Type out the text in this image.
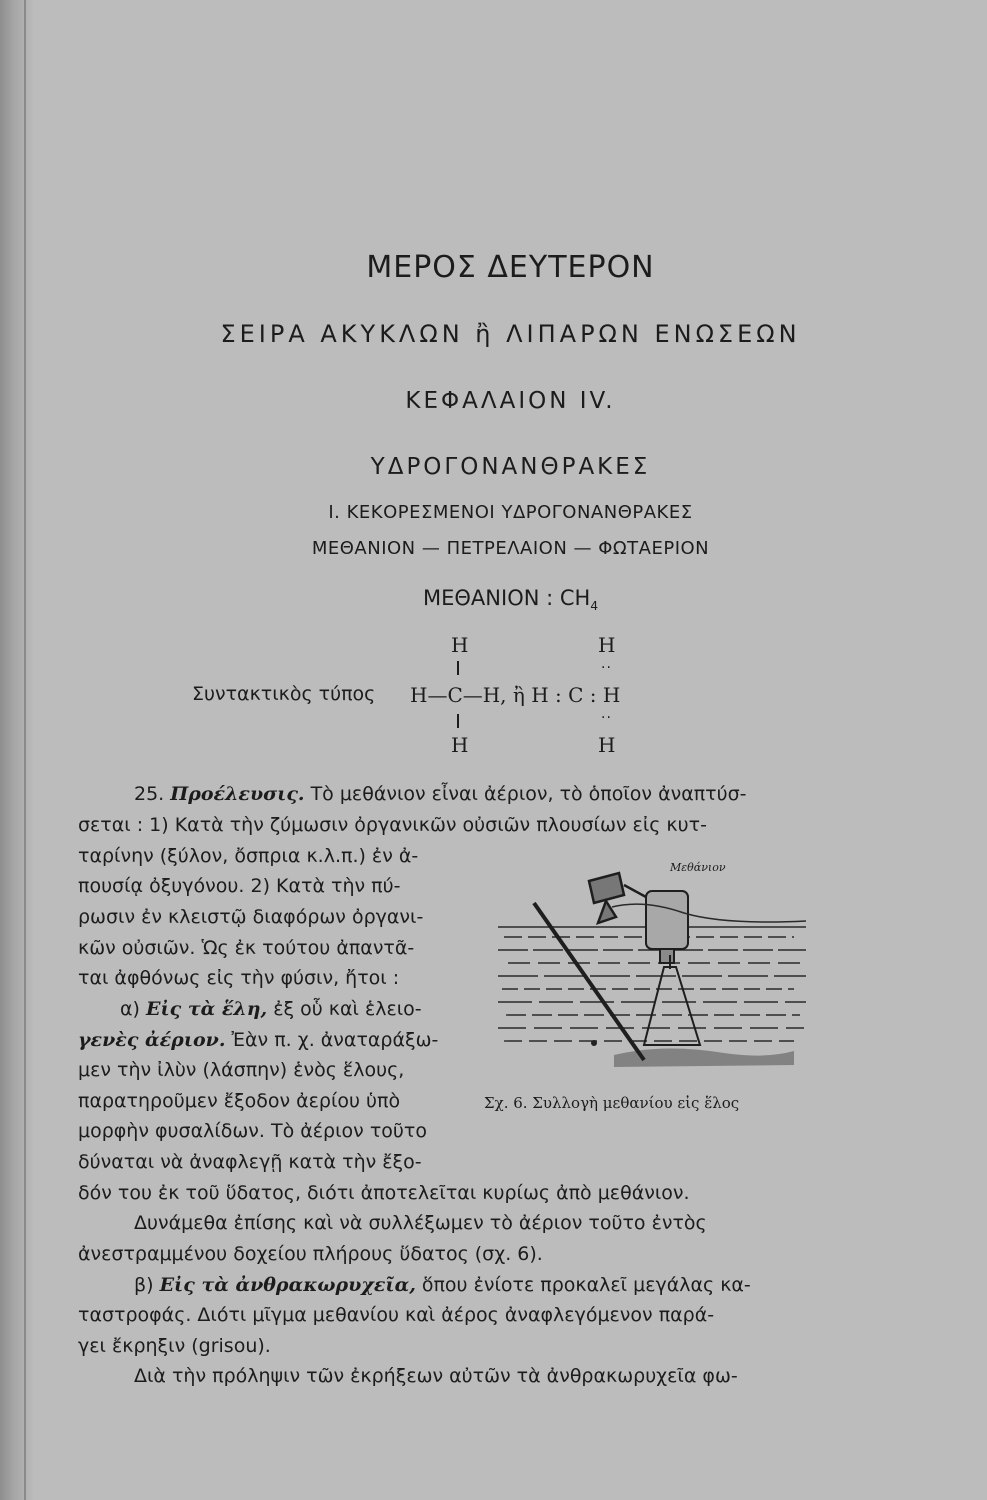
ΜΕΡΟΣ ΔΕΥΤΕΡΟΝ
ΣΕΙΡΑ ΑΚΥΚΛΩΝ ἢ ΛΙΠΑΡΩΝ ΕΝΩΣΕΩΝ
ΚΕΦΑΛΑΙΟΝ IV.
ΥΔΡΟΓΟΝΑΝΘΡΑΚΕΣ
I. ΚΕΚΟΡΕΣΜΕΝΟΙ ΥΔΡΟΓΟΝΑΝΘΡΑΚΕΣ
ΜΕΘΑΝΙΟΝ — ΠΕΤΡΕΛΑΙΟΝ — ΦΩΤΑΕΡΙΟΝ
ΜΕΘΑΝΙΟΝ : $CH_4$
Συντακτικὸς τύπος
H
H—C—H, ἢ H : C : H
H
H
..
..
H
25. Προέλευσις. Τὸ μεθάνιον εἶναι ἀέριον, τὸ ὁποῖον ἀναπτύσ-
σεται : 1) Κατὰ τὴν ζύμωσιν ὀργανικῶν οὐσιῶν πλουσίων εἰς κυτ-
ταρίνην (ξύλον, ὄσπρια κ.λ.π.) ἐν ἀ-
πουσίᾳ ὀξυγόνου. 2) Κατὰ τὴν πύ-
ρωσιν ἐν κλειστῷ διαφόρων ὀργανι-
κῶν οὐσιῶν. Ὡς ἐκ τούτου ἀπαντᾶ-
ται ἀφθόνως εἰς τὴν φύσιν, ἤτοι :
α) Εἰς τὰ ἕλη, ἐξ οὗ καὶ ἑλειο-
γενὲς ἀέριον. Ἐὰν π. χ. ἀναταράξω-
μεν τὴν ἰλὺν (λάσπην) ἑνὸς ἕλους,
παρατηροῦμεν ἔξοδον ἀερίου ὑπὸ
μορφὴν φυσαλίδων. Τὸ ἀέριον τοῦτο
δύναται νὰ ἀναφλεγῇ κατὰ τὴν ἔξο-
δόν του ἐκ τοῦ ὕδατος, διότι ἀποτελεῖται κυρίως ἀπὸ μεθάνιον.
Δυνάμεθα ἐπίσης καὶ νὰ συλλέξωμεν τὸ ἀέριον τοῦτο ἐντὸς
ἀνεστραμμένου δοχείου πλήρους ὕδατος (σχ. 6).
β) Εἰς τὰ ἀνθρακωρυχεῖα, ὅπου ἐνίοτε προκαλεῖ μεγάλας κα-
ταστροφάς. Διότι μῖγμα μεθανίου καὶ ἀέρος ἀναφλεγόμενον παρά-
γει ἔκρηξιν (grisou).
Διὰ τὴν πρόληψιν τῶν ἐκρήξεων αὐτῶν τὰ ἀνθρακωρυχεῖα φω-
Μεθάνιον
Σχ. 6. Συλλογὴ μεθανίου εἰς ἕλος
